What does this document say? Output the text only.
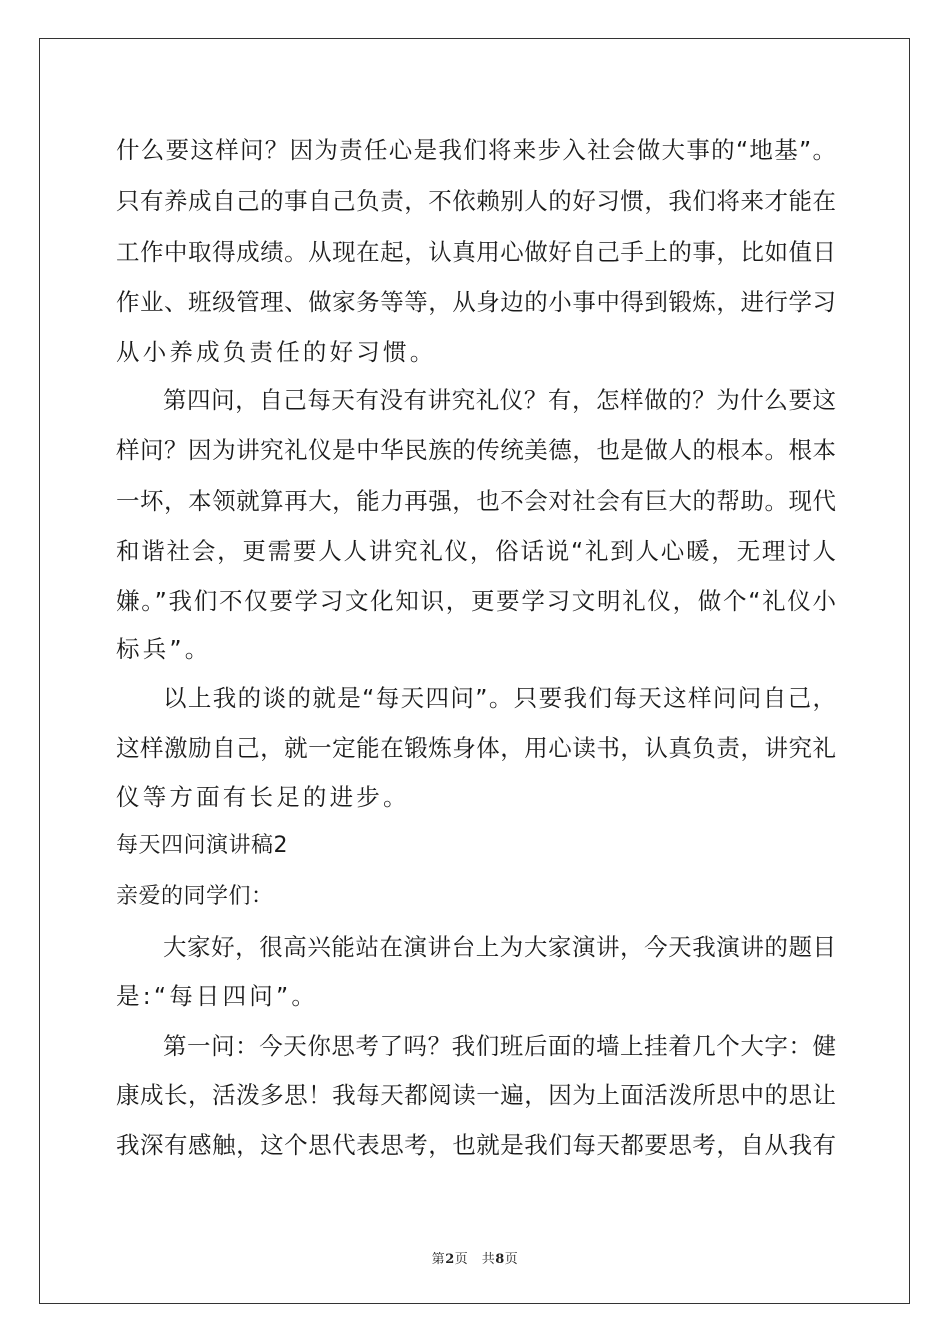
什么要这样问？因为责任心是我们将来步入社会做大事的“地基”。
只有养成自己的事自己负责，不依赖别人的好习惯，我们将来才能在
工作中取得成绩。从现在起，认真用心做好自己手上的事，比如值日
作业、班级管理、做家务等等，从身边的小事中得到锻炼，进行学习
从小养成负责任的好习惯。
第四问，自己每天有没有讲究礼仪？有，怎样做的？为什么要这
样问？因为讲究礼仪是中华民族的传统美德，也是做人的根本。根本
一坏，本领就算再大，能力再强，也不会对社会有巨大的帮助。现代
和谐社会，更需要人人讲究礼仪，俗话说“礼到人心暖，无理讨人
嫌。”我们不仅要学习文化知识，更要学习文明礼仪，做个“礼仪小
标兵”。
以上我的谈的就是“每天四问”。只要我们每天这样问问自己，
这样激励自己，就一定能在锻炼身体，用心读书，认真负责，讲究礼
仪等方面有长足的进步。
每天四问演讲稿2
亲爱的同学们：
大家好，很高兴能站在演讲台上为大家演讲，今天我演讲的题目
是:“每日四问”。
第一问：今天你思考了吗？我们班后面的墙上挂着几个大字：健
康成长，活泼多思！我每天都阅读一遍，因为上面活泼所思中的思让
我深有感触，这个思代表思考，也就是我们每天都要思考，自从我有
第2页　共8页
